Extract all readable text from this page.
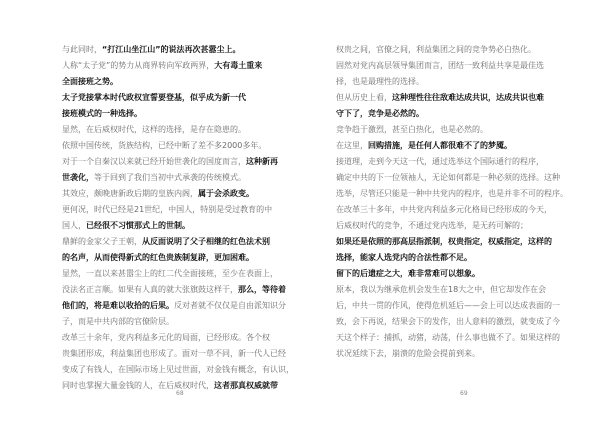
与此同时，“打江山坐江山”的说法再次甚嚣尘上。
人称“太子党”的势力从商界转向军政两界，大有毒土重来
全面接班之势。
太子党接掌本时代政权宣誓要登基，似乎成为新一代
接班模式的一种选择。
显然，在后威权时代，这样的选择，是存在隐患的。
依照中国传统，货族结构，已经中断了差不多2000多年。
对于一个自秦汉以来就已经开始世袭化的国度而言，这种新再
世袭化，等于回到了我们当初中式承袭的传统模式。
其效应，颇晚唐新政后期的皇族内阁，属于会杀政变。
更何况，时代已经是21世纪，中国人，特别是受过教育的中
国人，已经很不习惯那式上的世制。
鼎鲜的金家父子王朝，从反面说明了父子相继的红色法术别
的名声，从而使得新式的红色贵族制复辟，更加困难。
显然，一直以来甚嚣尘上的红二代全面接班，至少在表面上，
没法名正言顺。如果有人真的就大张旗鼓这样干，那么，等待着
他们的，将是难以收拾的后果。反对者就不仅仅是自由派知识分
子，而是中共内部的官僚阶层。
改革三十余年，党内利益多元化的局面，已经形成。各个权
贵集团形成，利益集团也形成了。面对一草不同，新一代人已经
变成了有钱人，在国际市场上见过世面，对金钱有概念，有认识，
同时也掌握大量金钱的人，在后威权时代，这者那真权威就带
权贵之间，官僚之间，利益集团之间的竞争势必白热化。
固然对党内高层领导集团而言，团结一致利益共享是最佳选
择，也是最理性的选择。
但从历史上看，这种理性往往敌难达成共识，达成共识也难
守下了，竞争是必然的。
竞争趋于激烈，甚至白热化，也是必然的。
在这里，回购措施，是任何人都很难不了的梦魇。
接道理，走到今天这一代，通过选举这个国际通行的程序，
确定中共的下一位领袖人，无论如何都是一种必须的选择。这种
选举，尽管还只能是一种中共党内的程序，也是并非不可的程序。
在改革三十多年，中共党内利益多元化格局已经形成的今天，
后威权时代的竞争，不通过党内选举，是无药可解的；
如果还是依照的那高层指派制，权贵指定，权威指定，这样的
选择，能家人选党内的合法性都不足。
留下的后遗症之大，难非常难可以想象。
原本，我以为继承危机会发生在18大之中，但它却发作在会
后，中共一贯的作风，使得危机延后——会上可以达成表面的一
致，会下再说，结果会下的发作，出人意料的激烈，就变成了今
天这个样子：捕抓，动猪，动荡，什么事也做不了。如果这样的
状况延续下去，崩溃的危险会提前到来。
68	69
